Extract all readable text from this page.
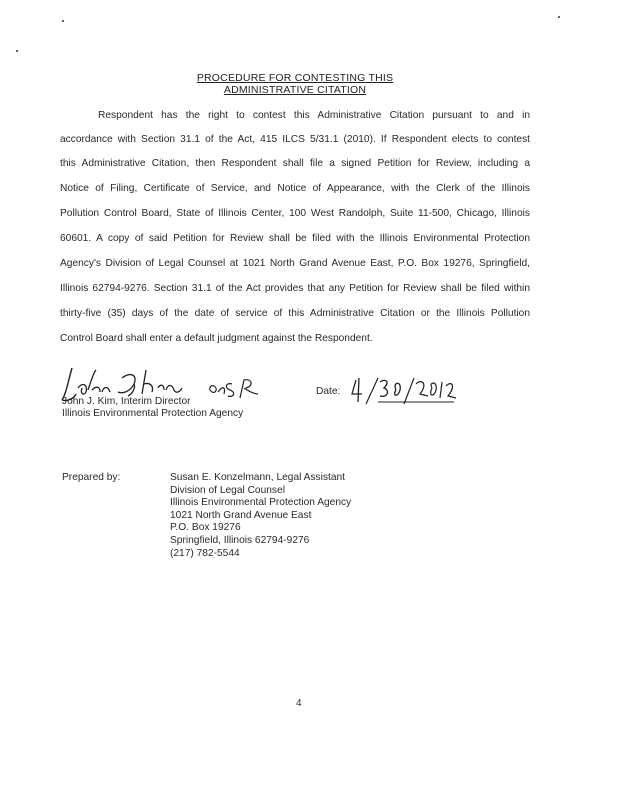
PROCEDURE FOR CONTESTING THIS
ADMINISTRATIVE CITATION
Respondent has the right to contest this Administrative Citation pursuant to and in
accordance with Section 31.1 of the Act, 415 ILCS 5/31.1 (2010). If Respondent elects to contest
this Administrative Citation, then Respondent shall file a signed Petition for Review, including a
Notice of Filing, Certificate of Service, and Notice of Appearance, with the Clerk of the Illinois
Pollution Control Board, State of Illinois Center, 100 West Randolph, Suite 11-500, Chicago, Illinois
60601. A copy of said Petition for Review shall be filed with the Illinois Environmental Protection
Agency's Division of Legal Counsel at 1021 North Grand Avenue East, P.O. Box 19276, Springfield,
Illinois 62794-9276. Section 31.1 of the Act provides that any Petition for Review shall be filed within
thirty-five (35) days of the date of service of this Administrative Citation or the Illinois Pollution
Control Board shall enter a default judgment against the Respondent.
John J. Kim, Interim Director
Illinois Environmental Protection Agency
Date:
Prepared by:	Susan E. Konzelmann, Legal Assistant
Division of Legal Counsel
Illinois Environmental Protection Agency
1021 North Grand Avenue East
P.O. Box 19276
Springfield, Illinois 62794-9276
(217) 782-5544
4
